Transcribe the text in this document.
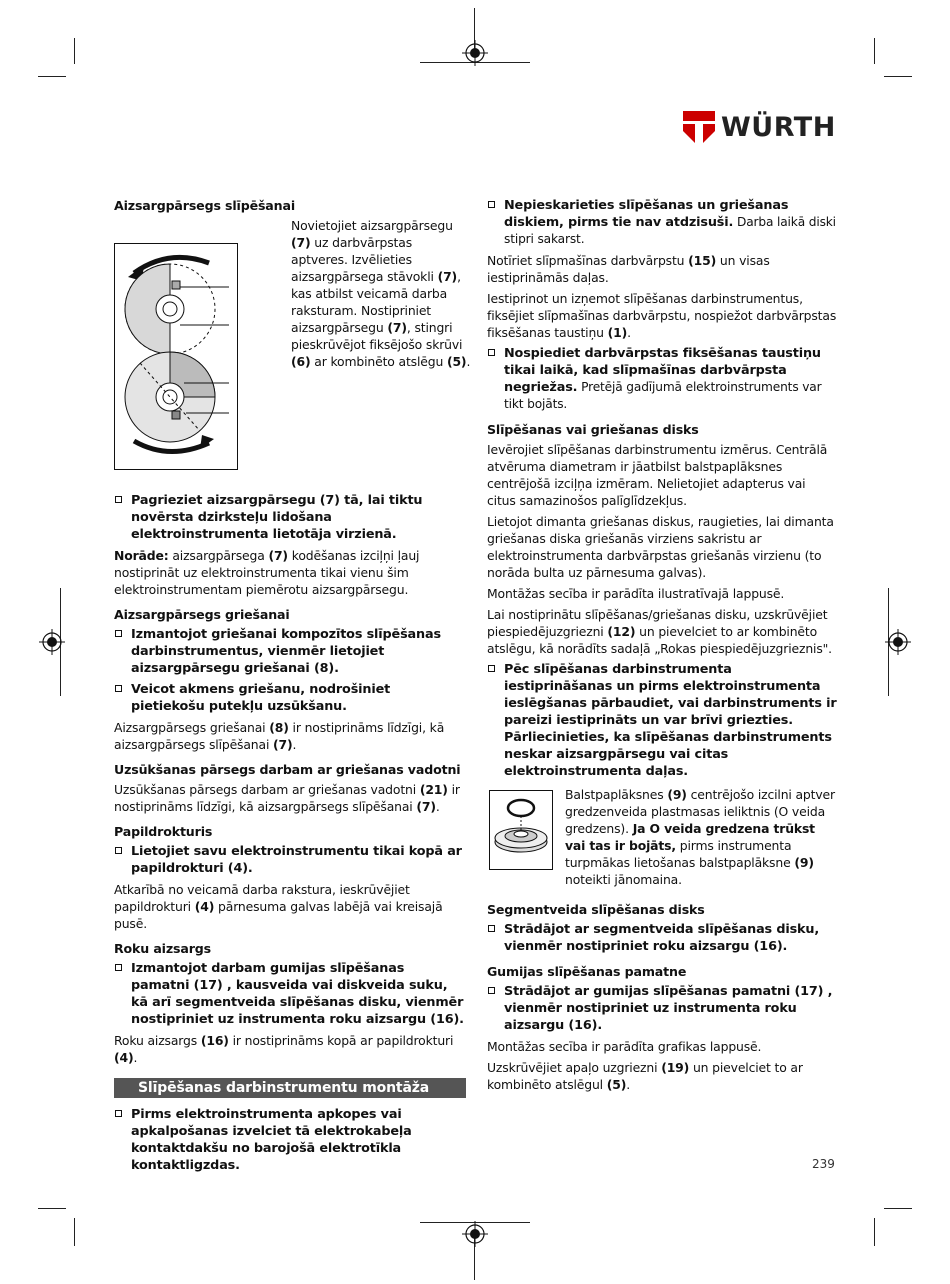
WÜRTH
Aizsargpārsegs slīpēšanai
Novietojiet aizsargpārsegu (7) uz darbvārpstas aptveres. Izvēlieties aizsargpārsega stāvokli (7), kas atbilst veicamā darba raksturam. Nostipriniet aizsargpārsegu (7), stingri pieskrūvējot fiksējošo skrūvi (6) ar kombinēto atslēgu (5).
Pagrieziet aizsargpārsegu (7) tā, lai tiktu novērsta dzirksteļu lidošana elektroinstrumenta lietotāja virzienā.
Norāde: aizsargpārsega (7) kodēšanas izciļņi ļauj nostiprināt uz elektroinstrumenta tikai vienu šim elektroinstrumentam piemērotu aizsargpārsegu.
Aizsargpārsegs griešanai
Izmantojot griešanai kompozītos slīpēšanas darbinstrumentus, vienmēr lietojiet aizsargpārsegu griešanai (8).
Veicot akmens griešanu, nodrošiniet pietiekošu putekļu uzsūkšanu.
Aizsargpārsegs griešanai (8) ir nostiprināms līdzīgi, kā aizsargpārsegs slīpēšanai (7).
Uzsūkšanas pārsegs darbam ar griešanas vadotni
Uzsūkšanas pārsegs darbam ar griešanas vadotni (21) ir nostiprināms līdzīgi, kā aizsargpārsegs slīpēšanai (7).
Papildrokturis
Lietojiet savu elektroinstrumentu tikai kopā ar papildrokturi (4).
Atkarībā no veicamā darba rakstura, ieskrūvējiet papildrokturi (4) pārnesuma galvas labējā vai kreisajā pusē.
Roku aizsargs
Izmantojot darbam gumijas slīpēšanas pamatni (17) , kausveida vai diskveida suku, kā arī segmentveida slīpēšanas disku, vienmēr nostipriniet uz instrumenta roku aizsargu (16).
Roku aizsargs (16) ir nostiprināms kopā ar papildrokturi (4).
Slīpēšanas darbinstrumentu montāža
Pirms elektroinstrumenta apkopes vai apkalpošanas izvelciet tā elektrokabeļa kontaktdakšu no barojošā elektrotīkla kontaktligzdas.
Nepieskarieties slīpēšanas un griešanas diskiem, pirms tie nav atdzisuši. Darba laikā diski stipri sakarst.
Notīriet slīpmašīnas darbvārpstu (15) un visas iestiprināmās daļas.
Iestiprinot un izņemot slīpēšanas darbinstrumentus, fiksējiet slīpmašīnas darbvārpstu, nospiežot darbvārpstas fiksēšanas taustiņu (1).
Nospiediet darbvārpstas fiksēšanas taustiņu tikai laikā, kad slīpmašīnas darbvārpsta negriežas. Pretējā gadījumā elektroinstruments var tikt bojāts.
Slīpēšanas vai griešanas disks
Ievērojiet slīpēšanas darbinstrumentu izmērus. Centrālā atvēruma diametram ir jāatbilst balstpaplāksnes centrējošā izciļņa izmēram. Nelietojiet adapterus vai citus samazinošos palīglīdzekļus.
Lietojot dimanta griešanas diskus, raugieties, lai dimanta griešanas diska griešanās virziens sakristu ar elektroinstrumenta darbvārpstas griešanās virzienu (to norāda bulta uz pārnesuma galvas).
Montāžas secība ir parādīta ilustratīvajā lappusē.
Lai nostiprinātu slīpēšanas/griešanas disku, uzskrūvējiet piespiedējuzgriezni (12) un pievelciet to ar kombinēto atslēgu, kā norādīts sadaļā „Rokas piespiedējuzgrieznis".
Pēc slīpēšanas darbinstrumenta iestiprināšanas un pirms elektroinstrumenta ieslēgšanas pārbaudiet, vai darbinstruments ir pareizi iestiprināts un var brīvi griezties. Pārliecinieties, ka slīpēšanas darbinstruments neskar aizsargpārsegu vai citas elektroinstrumenta daļas.
Balstpaplāksnes (9) centrējošo izcilni aptver gredzenveida plastmasas ieliktnis (O veida gredzens). Ja O veida gredzena trūkst vai tas ir bojāts, pirms instrumenta turpmākas lietošanas balstpaplāksne (9) noteikti jānomaina.
Segmentveida slīpēšanas disks
Strādājot ar segmentveida slīpēšanas disku, vienmēr nostipriniet roku aizsargu (16).
Gumijas slīpēšanas pamatne
Strādājot ar gumijas slīpēšanas pamatni (17) , vienmēr nostipriniet uz instrumenta roku aizsargu (16).
Montāžas secība ir parādīta grafikas lappusē.
Uzskrūvējiet apaļo uzgriezni (19) un pievelciet to ar kombinēto atslēgul (5).
239
